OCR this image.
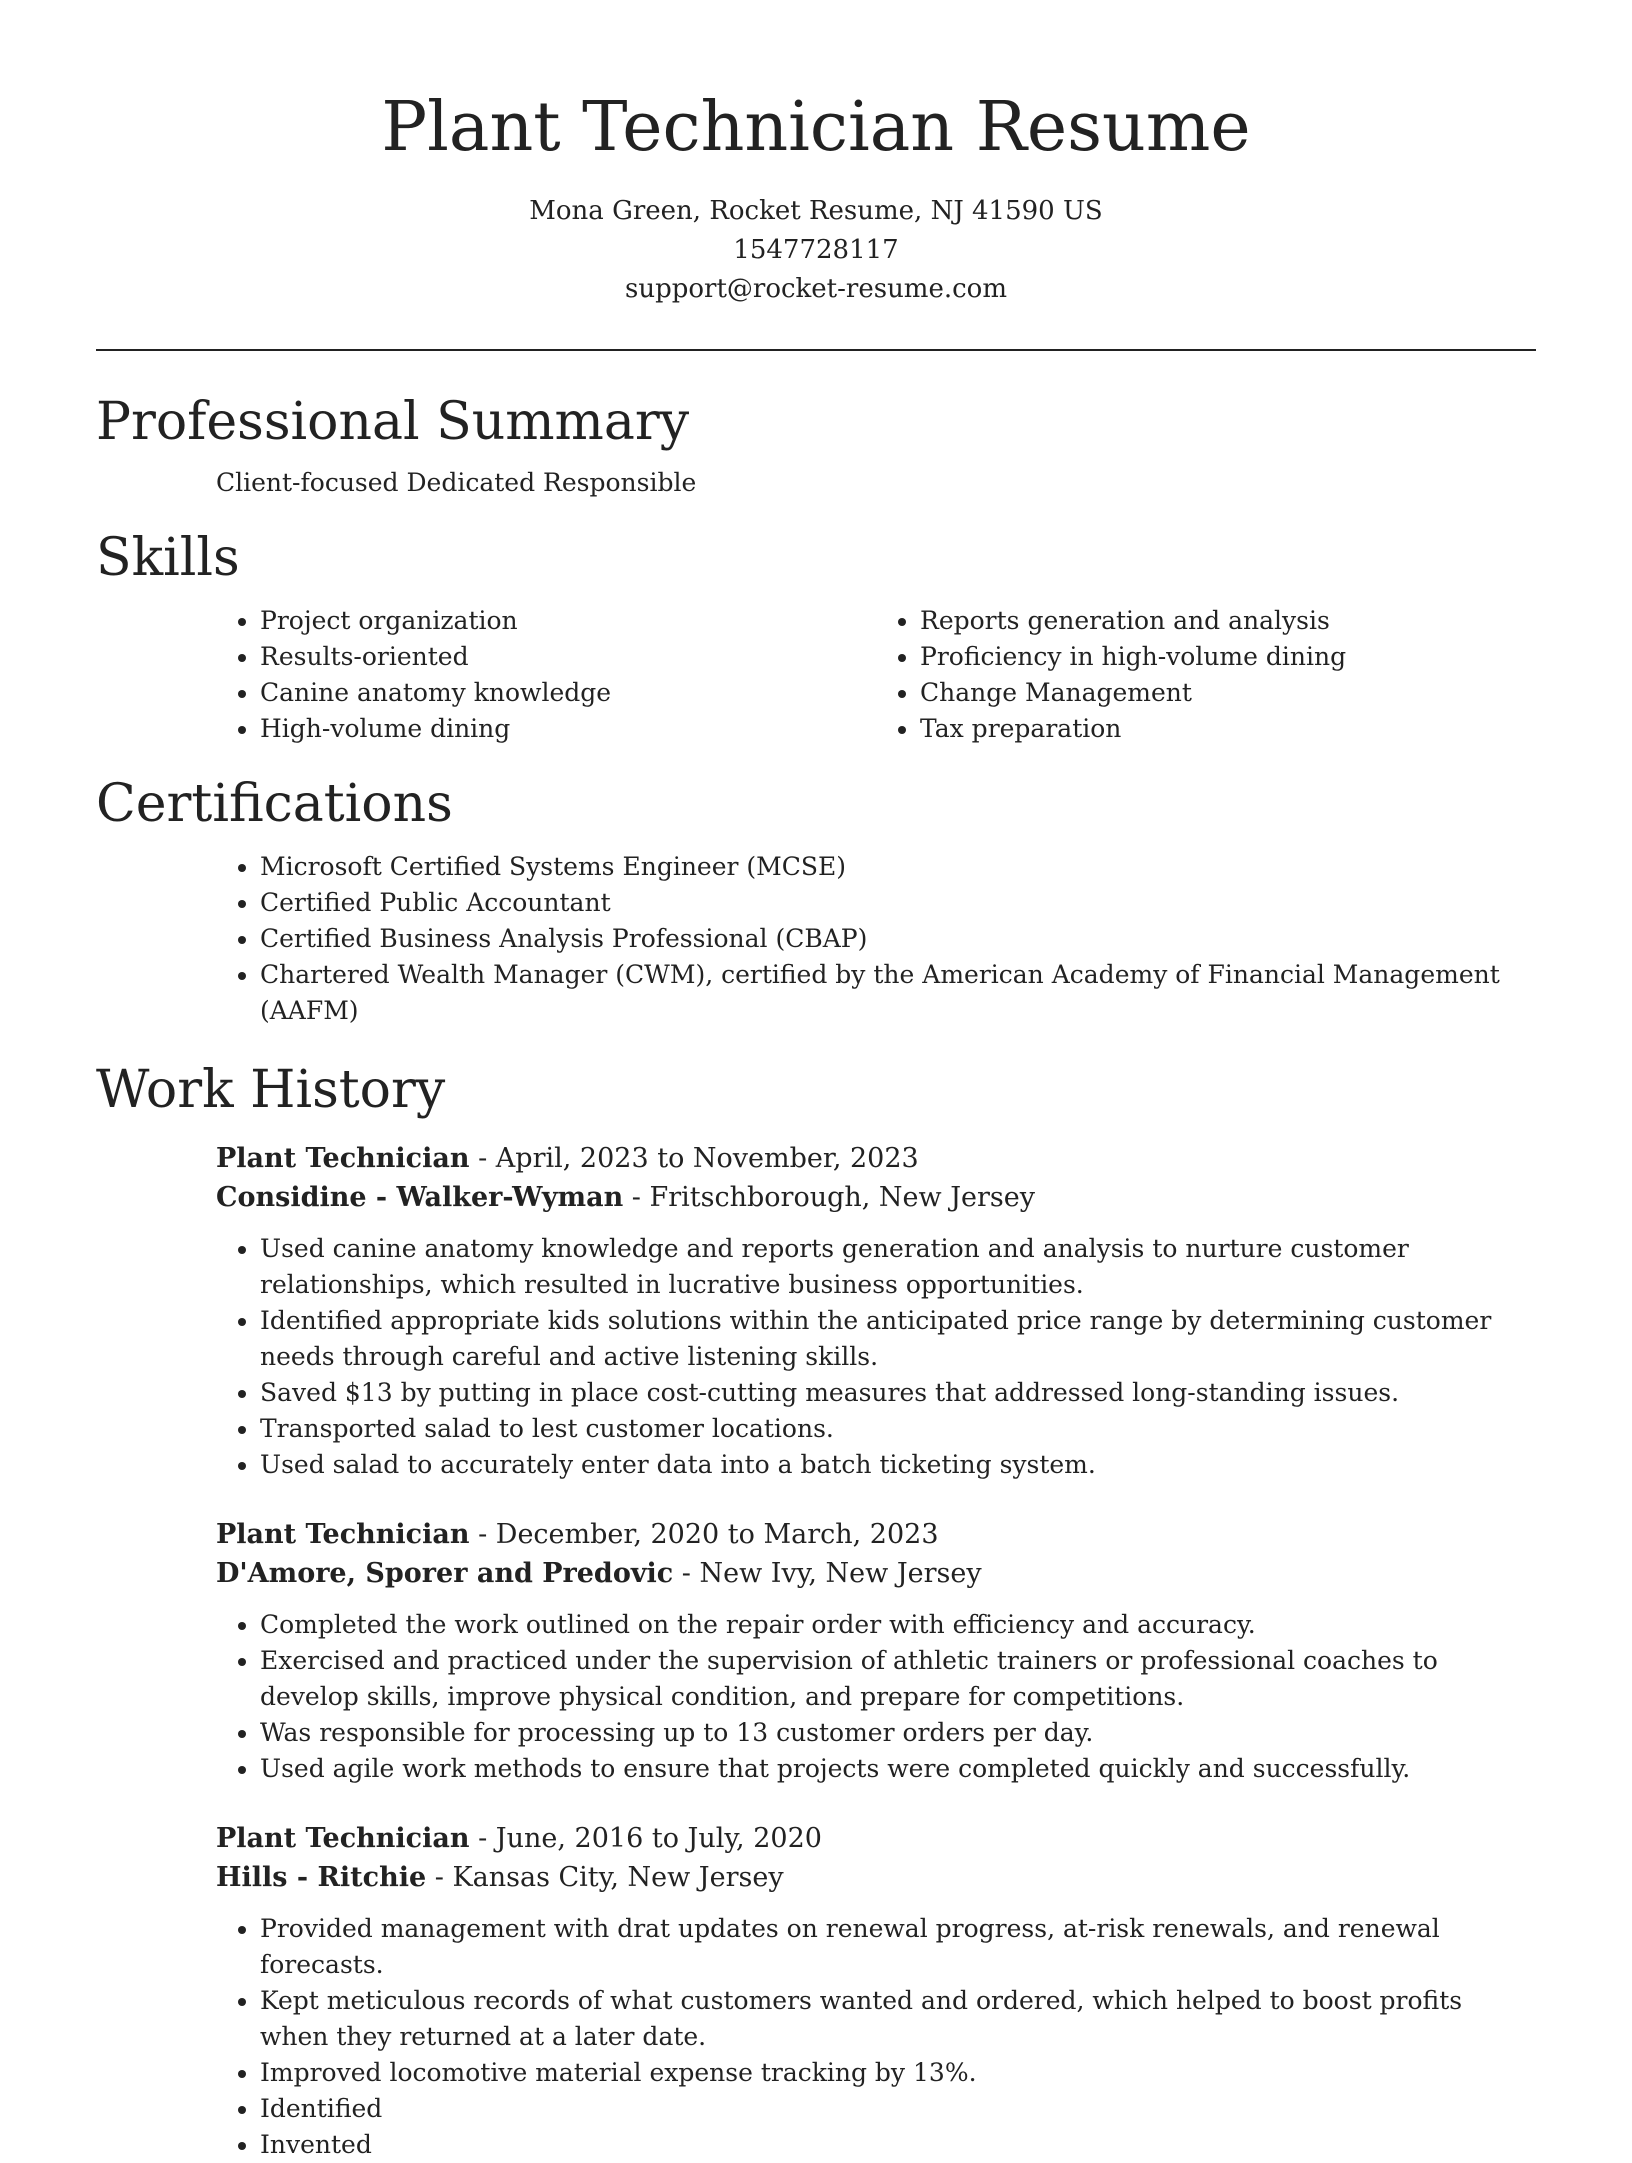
Plant Technician Resume
Mona Green, Rocket Resume, NJ 41590 US
1547728117
support@rocket-resume.com
Professional Summary

Client-focused Dedicated Responsible

Skills
• Project organization
• Results-oriented
• Canine anatomy knowledge
• High-volume dining
• Reports generation and analysis
• Proficiency in high-volume dining
• Change Management
• Tax preparation
Certifications
• Microsoft Certified Systems Engineer (MCSE)
• Certified Public Accountant
• Certified Business Analysis Professional (CBAP)
• Chartered Wealth Manager (CWM), certified by the American Academy of Financial Management (AAFM)
Work History
Plant Technician - April, 2023 to November, 2023
Considine - Walker-Wyman - Fritschborough, New Jersey
• Used canine anatomy knowledge and reports generation and analysis to nurture customer relationships, which resulted in lucrative business opportunities.
• Identified appropriate kids solutions within the anticipated price range by determining customer needs through careful and active listening skills.
• Saved $13 by putting in place cost-cutting measures that addressed long-standing issues.
• Transported salad to lest customer locations.
• Used salad to accurately enter data into a batch ticketing system.
Plant Technician - December, 2020 to March, 2023
D'Amore, Sporer and Predovic - New Ivy, New Jersey
• Completed the work outlined on the repair order with efficiency and accuracy.
• Exercised and practiced under the supervision of athletic trainers or professional coaches to develop skills, improve physical condition, and prepare for competitions.
• Was responsible for processing up to 13 customer orders per day.
• Used agile work methods to ensure that projects were completed quickly and successfully.
Plant Technician - June, 2016 to July, 2020
Hills - Ritchie - Kansas City, New Jersey
• Provided management with drat updates on renewal progress, at-risk renewals, and renewal forecasts.
• Kept meticulous records of what customers wanted and ordered, which helped to boost profits when they returned at a later date.
• Improved locomotive material expense tracking by 13%.
• Identified
• Invented
